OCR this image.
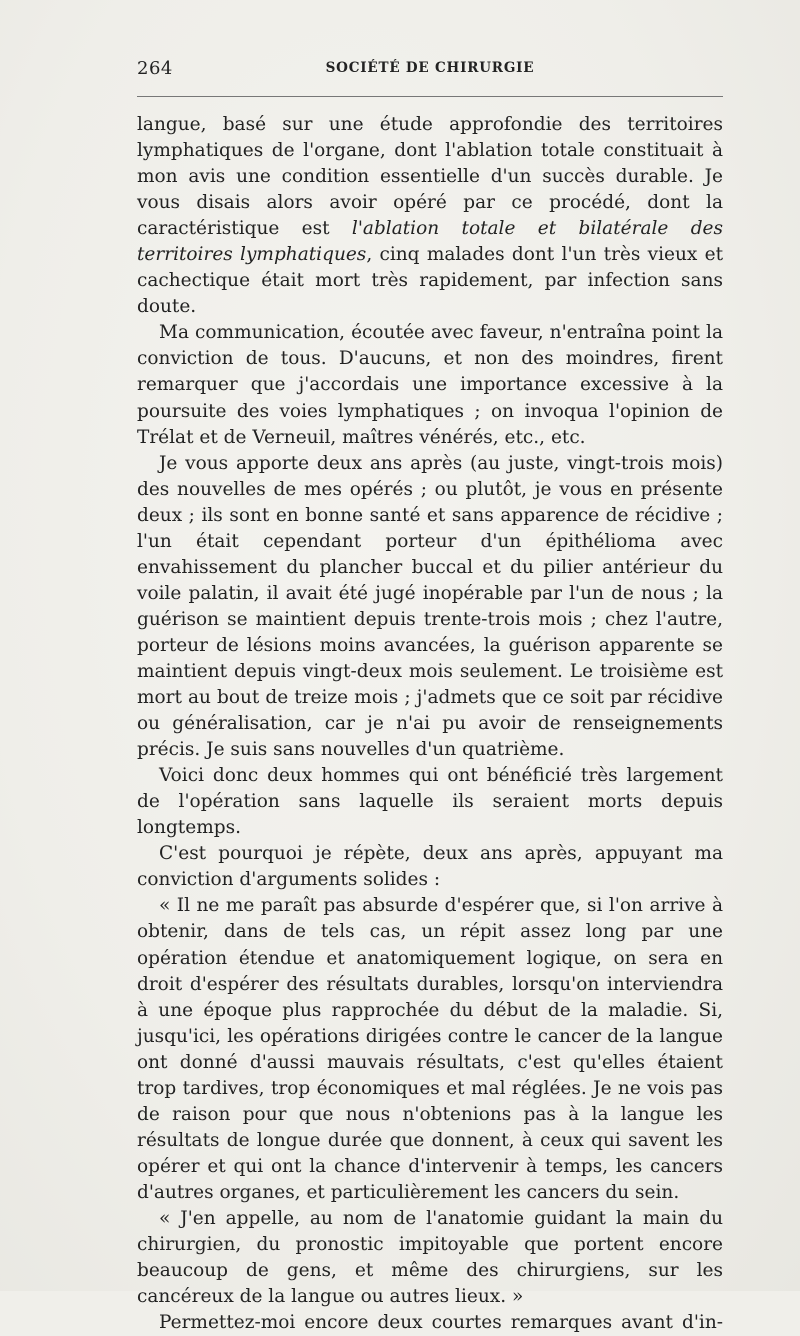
264	SOCIÉTÉ DE CHIRURGIE

langue, basé sur une étude approfondie des territoires lymphatiques de l'organe, dont l'ablation totale constituait à mon avis une condition essentielle d'un succès durable. Je vous disais alors avoir opéré par ce procédé, dont la caractéristique est l'ablation totale et bilatérale des territoires lymphatiques, cinq malades dont l'un très vieux et cachectique était mort très rapidement, par infection sans doute.

Ma communication, écoutée avec faveur, n'entraîna point la conviction de tous. D'aucuns, et non des moindres, firent remarquer que j'accordais une importance excessive à la poursuite des voies lymphatiques ; on invoqua l'opinion de Trélat et de Verneuil, maîtres vénérés, etc., etc.

Je vous apporte deux ans après (au juste, vingt-trois mois) des nouvelles de mes opérés ; ou plutôt, je vous en présente deux ; ils sont en bonne santé et sans apparence de récidive ; l'un était cependant porteur d'un épithélioma avec envahissement du plancher buccal et du pilier antérieur du voile palatin, il avait été jugé inopérable par l'un de nous ; la guérison se maintient depuis trente-trois mois ; chez l'autre, porteur de lésions moins avancées, la guérison apparente se maintient depuis vingt-deux mois seulement. Le troisième est mort au bout de treize mois ; j'admets que ce soit par récidive ou généralisation, car je n'ai pu avoir de renseignements précis. Je suis sans nouvelles d'un quatrième.

Voici donc deux hommes qui ont bénéficié très largement de l'opération sans laquelle ils seraient morts depuis longtemps.

C'est pourquoi je répète, deux ans après, appuyant ma conviction d'arguments solides :

« Il ne me paraît pas absurde d'espérer que, si l'on arrive à obtenir, dans de tels cas, un répit assez long par une opération étendue et anatomiquement logique, on sera en droit d'espérer des résultats durables, lorsqu'on interviendra à une époque plus rapprochée du début de la maladie. Si, jusqu'ici, les opérations dirigées contre le cancer de la langue ont donné d'aussi mauvais résultats, c'est qu'elles étaient trop tardives, trop économiques et mal réglées. Je ne vois pas de raison pour que nous n'obtenions pas à la langue les résultats de longue durée que donnent, à ceux qui savent les opérer et qui ont la chance d'intervenir à temps, les cancers d'autres organes, et particulièrement les cancers du sein.

« J'en appelle, au nom de l'anatomie guidant la main du chirurgien, du pronostic impitoyable que portent encore beaucoup de gens, et même des chirurgiens, sur les cancéreux de la langue ou autres lieux. »

Permettez-moi encore deux courtes remarques avant d'in-
